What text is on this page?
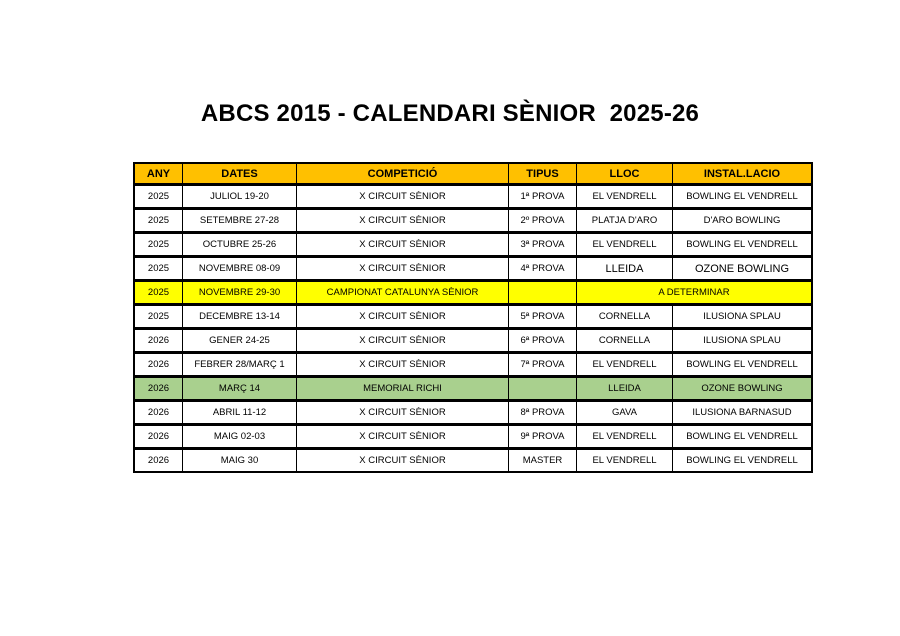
ABCS 2015 - CALENDARI SÈNIOR  2025-26
ANY	DATES	COMPETICIÓ	TIPUS	LLOC	INSTAL.LACIO
2025	JULIOL 19-20	X CIRCUIT SÈNIOR	1ª PROVA	EL VENDRELL	BOWLING EL VENDRELL
2025	SETEMBRE 27-28	X CIRCUIT SÈNIOR	2º PROVA	PLATJA D'ARO	D'ARO BOWLING
2025	OCTUBRE 25-26	X CIRCUIT SÈNIOR	3ª PROVA	EL VENDRELL	BOWLING EL VENDRELL
2025	NOVEMBRE 08-09	X CIRCUIT SÈNIOR	4ª PROVA	LLEIDA	OZONE BOWLING
2025	NOVEMBRE 29-30	CAMPIONAT CATALUNYA SÈNIOR		A DETERMINAR	
2025	DECEMBRE 13-14	X CIRCUIT SÈNIOR	5ª PROVA	CORNELLA	ILUSIONA SPLAU
2026	GENER 24-25	X CIRCUIT SÈNIOR	6ª PROVA	CORNELLA	ILUSIONA SPLAU
2026	FEBRER 28/MARÇ 1	X CIRCUIT SÈNIOR	7ª PROVA	EL VENDRELL	BOWLING EL VENDRELL
2026	MARÇ 14	MEMORIAL RICHI		LLEIDA	OZONE BOWLING
2026	ABRIL 11-12	X CIRCUIT SÈNIOR	8ª PROVA	GAVA	ILUSIONA BARNASUD
2026	MAIG 02-03	X CIRCUIT SÈNIOR	9ª PROVA	EL VENDRELL	BOWLING EL VENDRELL
2026	MAIG 30	X CIRCUIT SÈNIOR	MASTER	EL VENDRELL	BOWLING EL VENDRELL
